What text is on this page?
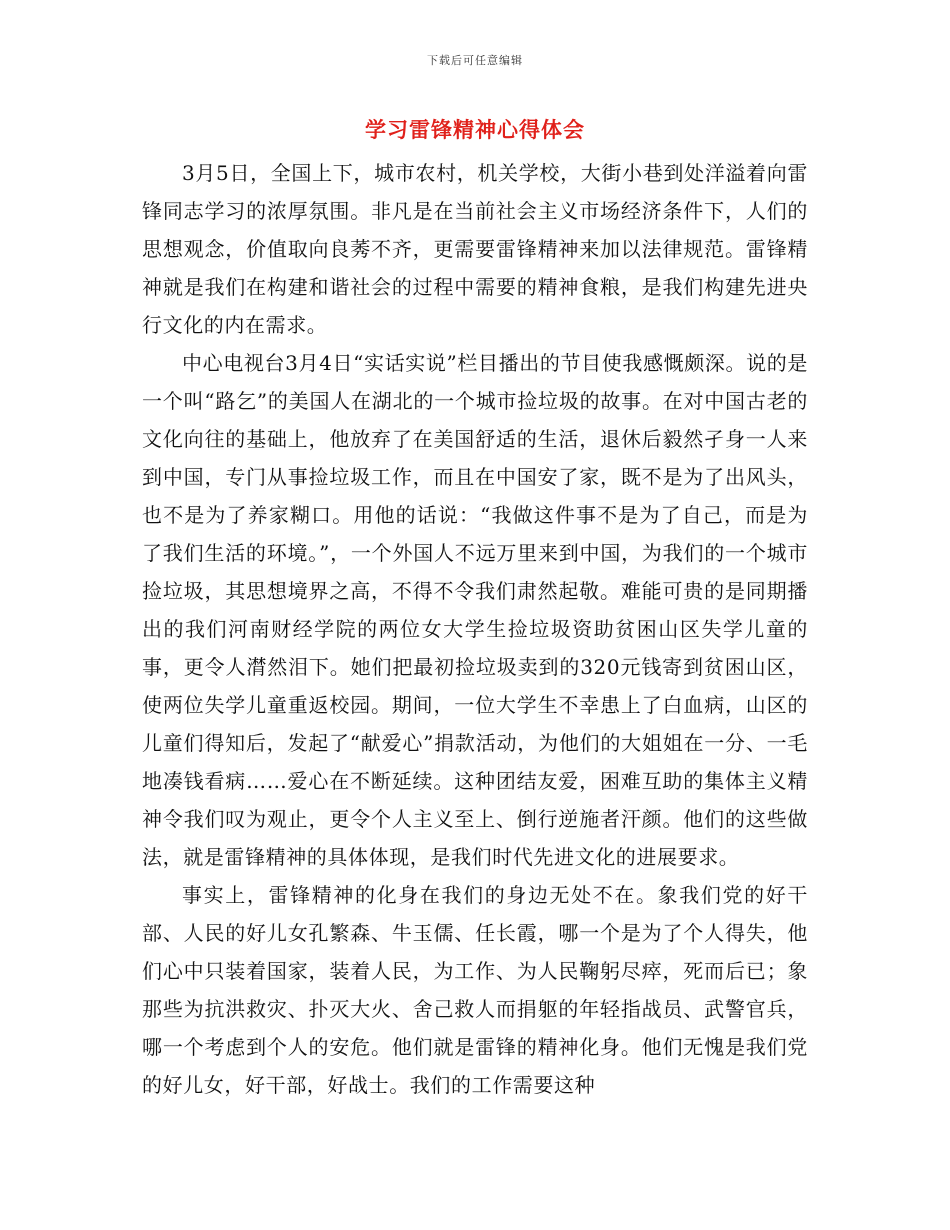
下载后可任意编辑
学习雷锋精神心得体会

3月5日，全国上下，城市农村，机关学校，大街小巷到处洋溢着向雷锋同志学习的浓厚氛围。非凡是在当前社会主义市场经济条件下，人们的思想观念，价值取向良莠不齐，更需要雷锋精神来加以法律规范。雷锋精神就是我们在构建和谐社会的过程中需要的精神食粮，是我们构建先进央行文化的内在需求。

中心电视台3月4日“实话实说”栏目播出的节目使我感慨颇深。说的是一个叫“路乞”的美国人在湖北的一个城市捡垃圾的故事。在对中国古老的文化向往的基础上，他放弃了在美国舒适的生活，退休后毅然孑身一人来到中国，专门从事捡垃圾工作，而且在中国安了家，既不是为了出风头，也不是为了养家糊口。用他的话说：“我做这件事不是为了自己，而是为了我们生活的环境。”，一个外国人不远万里来到中国，为我们的一个城市捡垃圾，其思想境界之高，不得不令我们肃然起敬。难能可贵的是同期播出的我们河南财经学院的两位女大学生捡垃圾资助贫困山区失学儿童的事，更令人潸然泪下。她们把最初捡垃圾卖到的320元钱寄到贫困山区，使两位失学儿童重返校园。期间，一位大学生不幸患上了白血病，山区的儿童们得知后，发起了“献爱心”捐款活动，为他们的大姐姐在一分、一毛地凑钱看病……爱心在不断延续。这种团结友爱，困难互助的集体主义精神令我们叹为观止，更令个人主义至上、倒行逆施者汗颜。他们的这些做法，就是雷锋精神的具体体现，是我们时代先进文化的进展要求。

事实上，雷锋精神的化身在我们的身边无处不在。象我们党的好干部、人民的好儿女孔繁森、牛玉儒、任长霞，哪一个是为了个人得失，他们心中只装着国家，装着人民，为工作、为人民鞠躬尽瘁，死而后已；象那些为抗洪救灾、扑灭大火、舍己救人而捐躯的年轻指战员、武警官兵，哪一个考虑到个人的安危。他们就是雷锋的精神化身。他们无愧是我们党的好儿女，好干部，好战士。我们的工作需要这种
